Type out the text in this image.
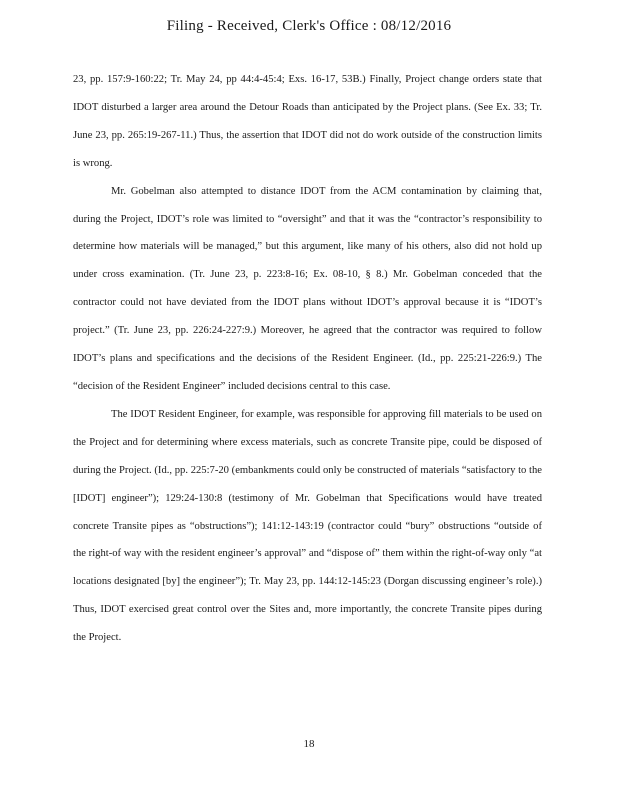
Filing - Received, Clerk's Office : 08/12/2016

23, pp. 157:9-160:22; Tr. May 24, pp 44:4-45:4; Exs. 16-17, 53B.) Finally, Project change orders state that IDOT disturbed a larger area around the Detour Roads than anticipated by the Project plans. (See Ex. 33; Tr. June 23, pp. 265:19-267-11.) Thus, the assertion that IDOT did not do work outside of the construction limits is wrong.

Mr. Gobelman also attempted to distance IDOT from the ACM contamination by claiming that, during the Project, IDOT’s role was limited to “oversight” and that it was the “contractor’s responsibility to determine how materials will be managed,” but this argument, like many of his others, also did not hold up under cross examination. (Tr. June 23, p. 223:8-16; Ex. 08-10, § 8.) Mr. Gobelman conceded that the contractor could not have deviated from the IDOT plans without IDOT’s approval because it is “IDOT’s project.” (Tr. June 23, pp. 226:24-227:9.) Moreover, he agreed that the contractor was required to follow IDOT’s plans and specifications and the decisions of the Resident Engineer. (Id., pp. 225:21-226:9.) The “decision of the Resident Engineer” included decisions central to this case.

The IDOT Resident Engineer, for example, was responsible for approving fill materials to be used on the Project and for determining where excess materials, such as concrete Transite pipe, could be disposed of during the Project. (Id., pp. 225:7-20 (embankments could only be constructed of materials “satisfactory to the [IDOT] engineer”); 129:24-130:8 (testimony of Mr. Gobelman that Specifications would have treated concrete Transite pipes as “obstructions”); 141:12-143:19 (contractor could “bury” obstructions “outside of the right-of way with the resident engineer’s approval” and “dispose of” them within the right-of-way only “at locations designated [by] the engineer”); Tr. May 23, pp. 144:12-145:23 (Dorgan discussing engineer’s role).) Thus, IDOT exercised great control over the Sites and, more importantly, the concrete Transite pipes during the Project.

18
